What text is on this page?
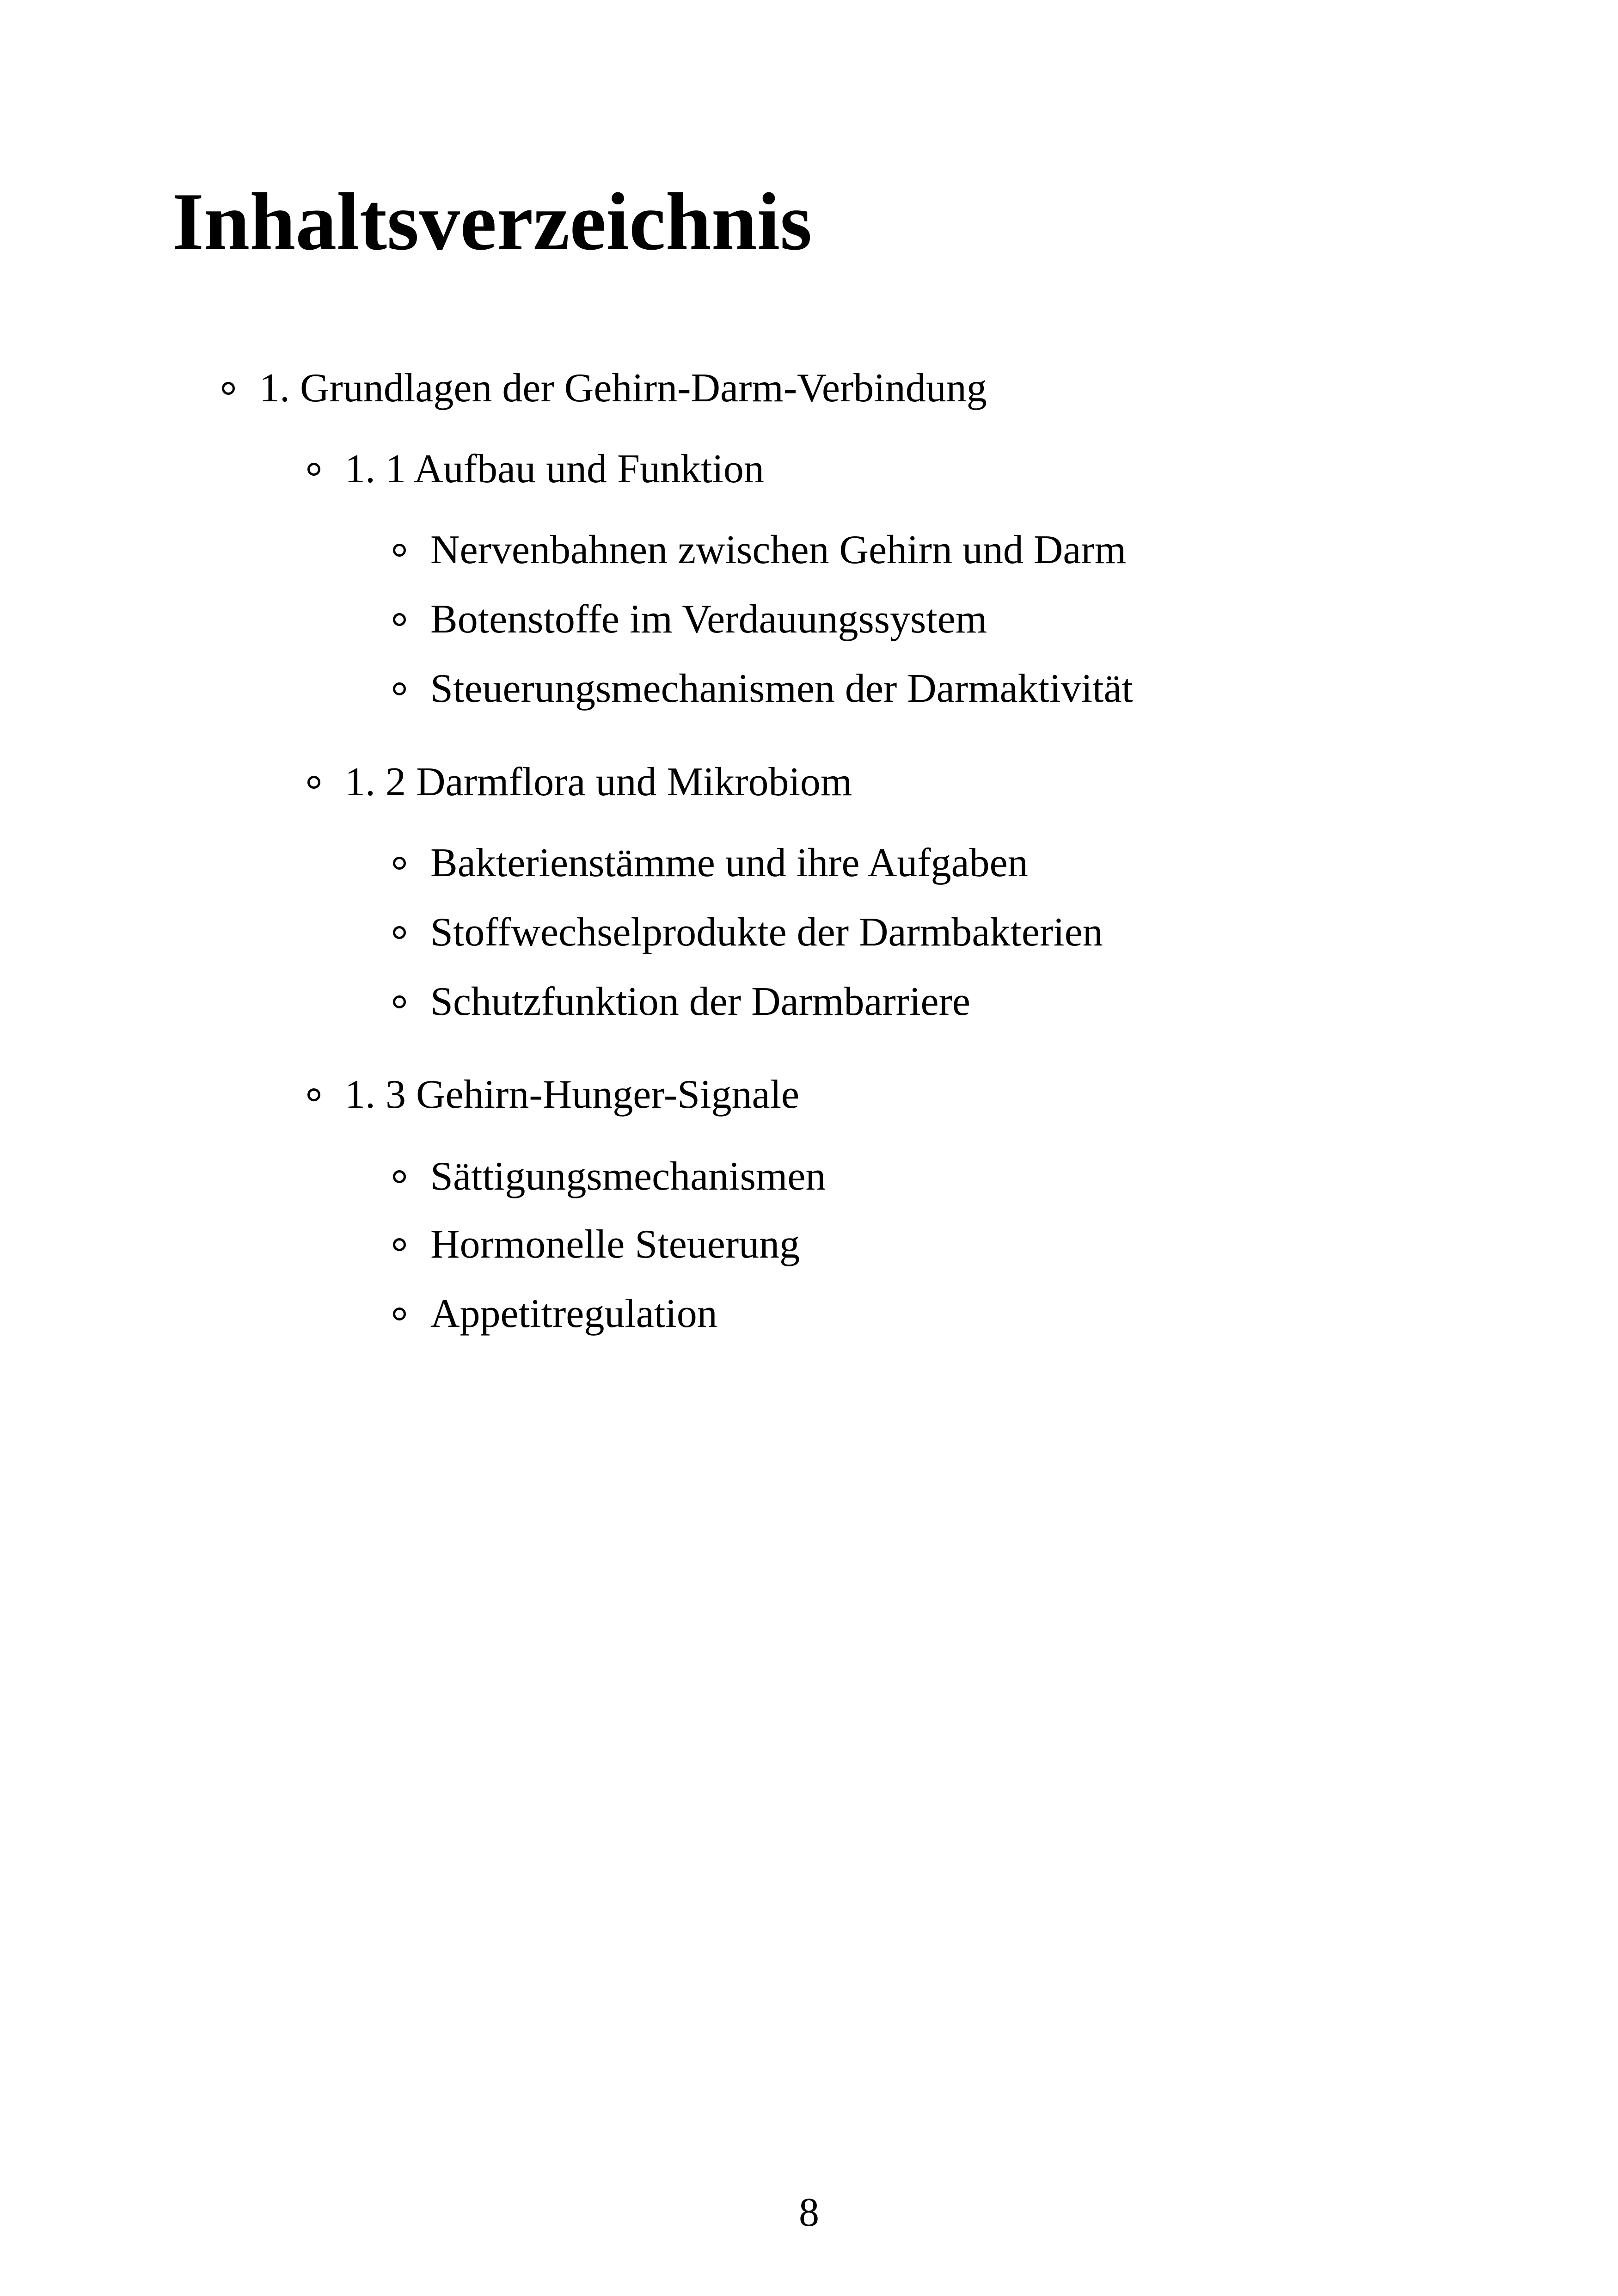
Inhaltsverzeichnis
1. Grundlagen der Gehirn-Darm-Verbindung
1. 1 Aufbau und Funktion
Nervenbahnen zwischen Gehirn und Darm
Botenstoffe im Verdauungssystem
Steuerungsmechanismen der Darmaktivität
1. 2 Darmflora und Mikrobiom
Bakterienstämme und ihre Aufgaben
Stoffwechselprodukte der Darmbakterien
Schutzfunktion der Darmbarriere
1. 3 Gehirn-Hunger-Signale
Sättigungsmechanismen
Hormonelle Steuerung
Appetitregulation
8
